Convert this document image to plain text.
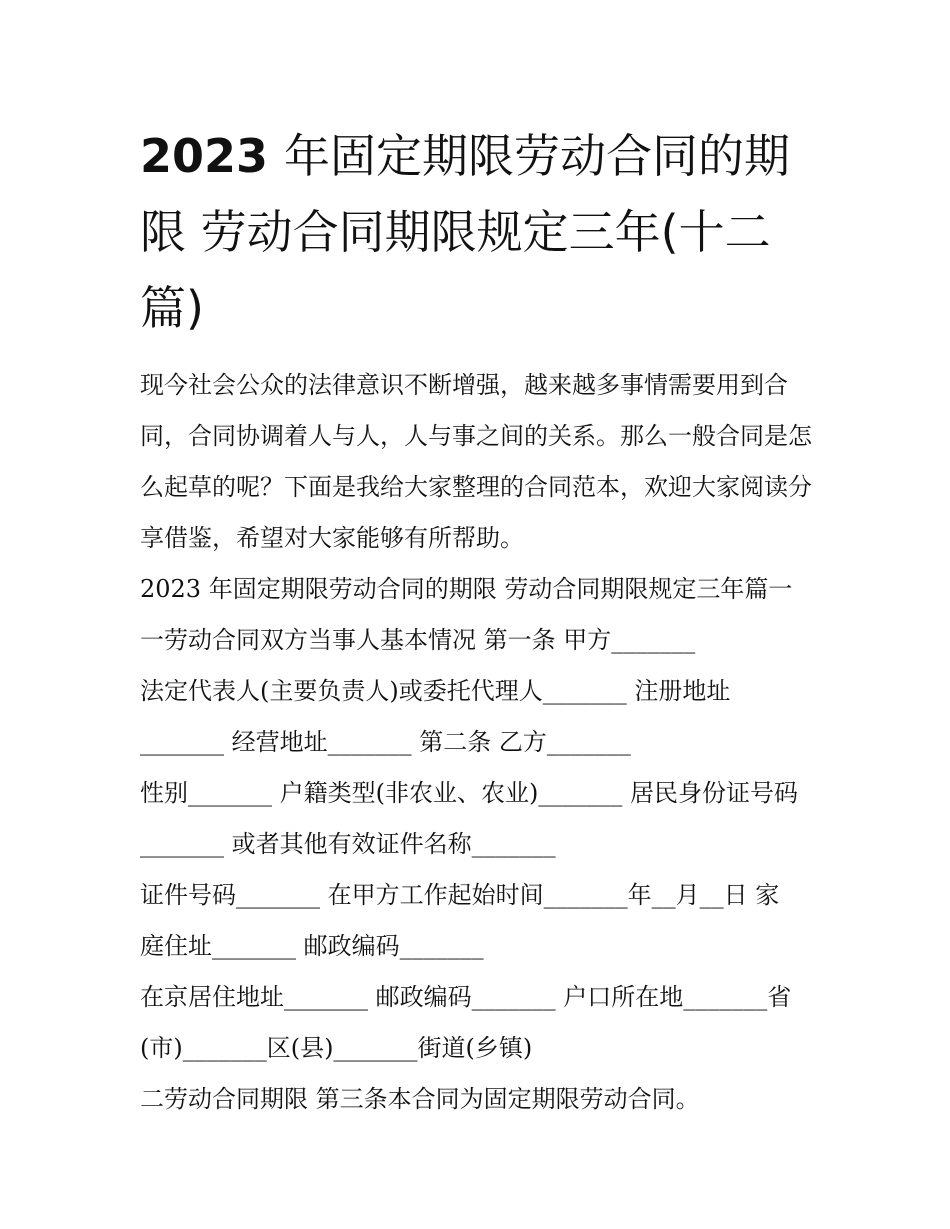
2023 年固定期限劳动合同的期限 劳动合同期限规定三年(十二篇)

现今社会公众的法律意识不断增强，越来越多事情需要用到合同，合同协调着人与人，人与事之间的关系。那么一般合同是怎么起草的呢？下面是我给大家整理的合同范本，欢迎大家阅读分享借鉴，希望对大家能够有所帮助。

2023 年固定期限劳动合同的期限 劳动合同期限规定三年篇一
一劳动合同双方当事人基本情况 第一条 甲方_______
法定代表人(主要负责人)或委托代理人_______ 注册地址
_______ 经营地址_______ 第二条 乙方_______
性别_______ 户籍类型(非农业、农业)_______ 居民身份证号码
_______ 或者其他有效证件名称_______
证件号码_______ 在甲方工作起始时间_______年__月__日 家
庭住址_______ 邮政编码_______
在京居住地址_______ 邮政编码_______ 户口所在地_______省
(市)_______区(县)_______街道(乡镇)
二劳动合同期限 第三条本合同为固定期限劳动合同。
